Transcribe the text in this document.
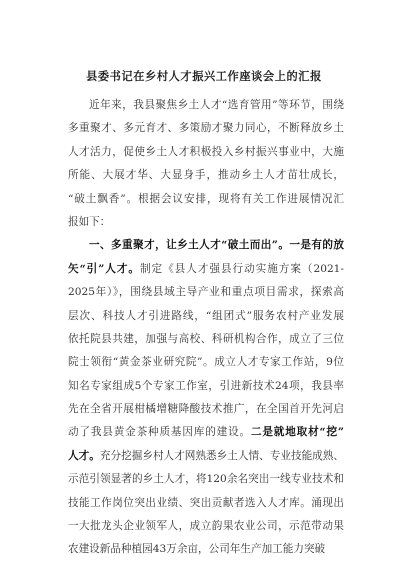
县委书记在乡村人才振兴工作座谈会上的汇报
近年来，我县聚焦乡土人才“选育管用”等环节，围绕
多重聚才、多元育才、多策励才聚力同心，不断释放乡土
人才活力，促使乡土人才积极投入乡村振兴事业中，大施
所能、大展才华、大显身手，推动乡土人才苗壮成长，
“破土飘香”。根据会议安排，现将有关工作进展情况汇
报如下：
一、多重聚才，让乡土人才“破土而出”。一是有的放
矢“引”人才。制定《县人才强县行动实施方案（2021-
2025年）》，围绕县域主导产业和重点项目需求，探索高
层次、科技人才引进路线，“组团式”服务农村产业发展
依托院县共建，加强与高校、科研机构合作，成立了三位
院士领衔“黄金茶业研究院”。成立人才专家工作站，9位
知名专家组成5个专家工作室，引进新技术24项，我县率
先在全省开展柑橘增糖降酸技术推广，在全国首开先河启
动了我县黄金茶种质基因库的建设。二是就地取材“挖”
人才。充分挖掘乡村人才网熟悉乡土人情、专业技能成熟、
示范引领显著的乡土人才，将120余名突出一线专业技术和
技能工作岗位突出业绩、突出贡献者选入人才库。涌现出
一大批龙头企业领军人，成立韵果农业公司，示范带动果
农建设新品种植园43万余亩，公司年生产加工能力突破
